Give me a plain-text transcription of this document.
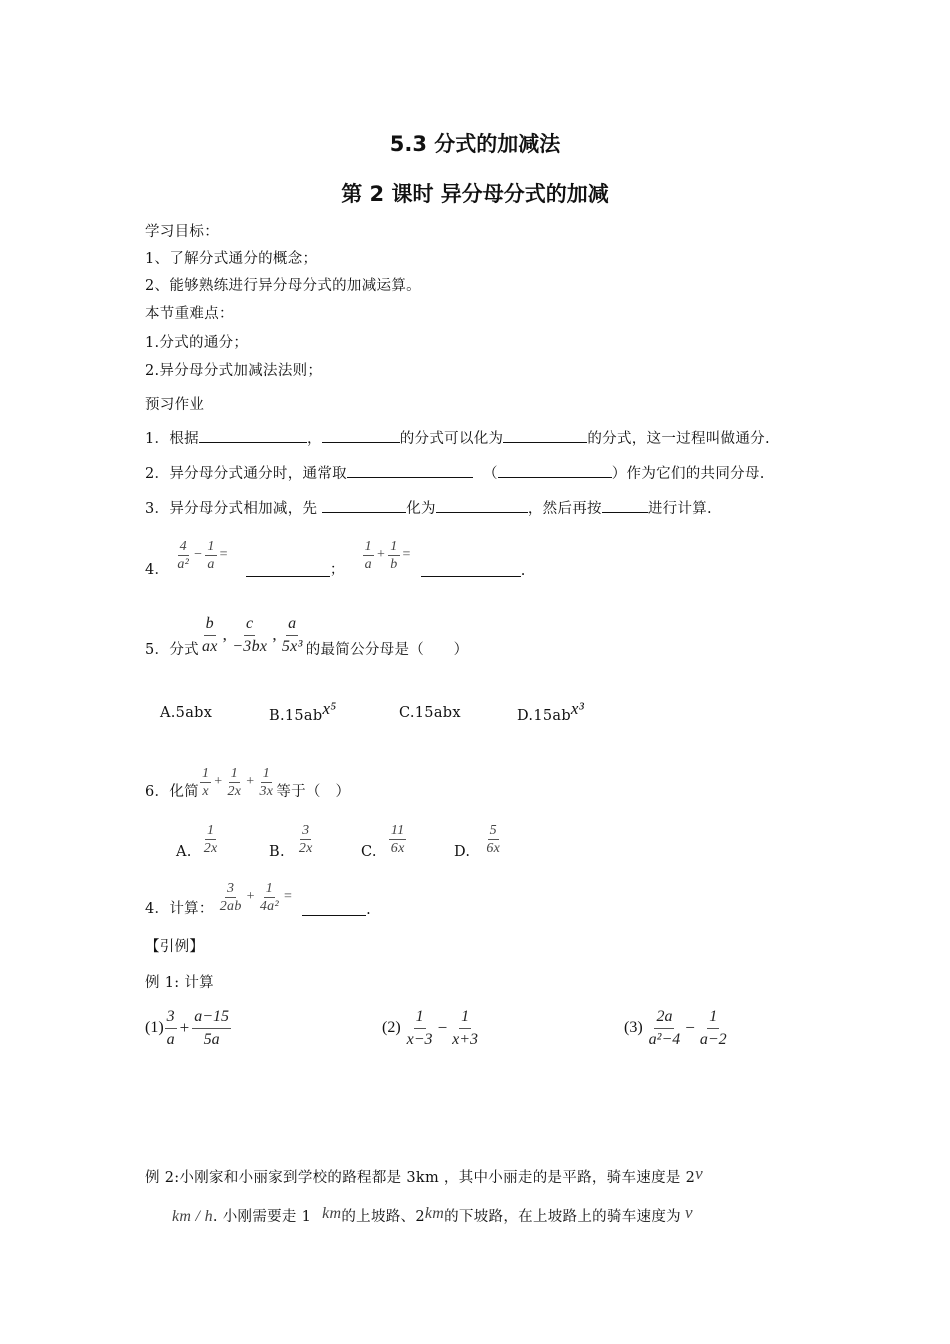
5.3 分式的加减法
第 2 课时 异分母分式的加减
学习目标：
1、了解分式通分的概念；
2、能够熟练进行异分母分式的加减运算。
本节重难点：
1.分式的通分；
2.异分母分式加减法法则；
预习作业
1．根据	，	的分式可以化为	的分式，这一过程叫做通分.
2．异分母分式通分时，通常取	（	）作为它们的共同分母.
3．异分母分式相加减，先	化为	，然后再按	进行计算.
4． $\frac{4}{\text{a²}} - \frac{1}{a}$ =
； $\frac{1}{a} + \frac{1}{b}$ =
.
5．分式 $\frac{b}{ax}$ , $\frac{c}{-3bx}$ , $\frac{a}{\text{5x³}}$ 的最简公分母是（　　）
A.5abx	B.15abx⁵	C.15abx	D.15abx³
6．化简 $\frac{1}{x} + \frac{1}{2x} + \frac{1}{3x}$ 等于（　）
A. $\frac{1}{2x}$	B. $\frac{3}{2x}$	C. $\frac{11}{6x}$	D. $\frac{5}{6x}$
4．计算： $\frac{3}{2ab} + \frac{1}{\text{4a²}}$ =
.
【引例】
例 1: 计算
$(1) \frac{3}{a} + \frac{a-15}{5a}$	$(2) \frac{1}{x-3} - \frac{1}{x+3}$	$(3) \frac{2a}{\text{a²−4}} - \frac{1}{a-2}$
例 2:小刚家和小丽家到学校的路程都是 3km ，其中小丽走的是平路，骑车速度是 2v
km / h. 小刚需要走 1 km的上坡路、2km的下坡路，在上坡路上的骑车速度为 v
